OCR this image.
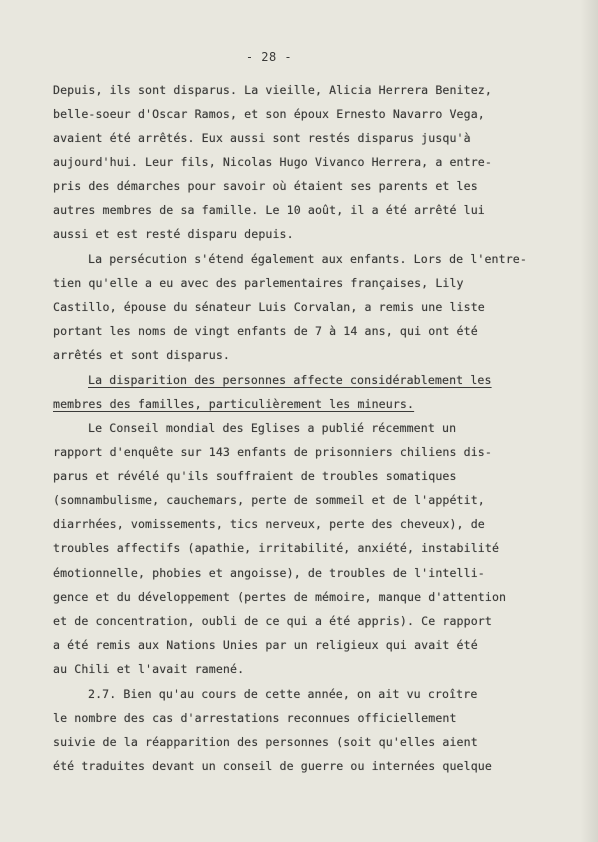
- 28 -
Depuis, ils sont disparus. La vieille, Alicia Herrera Benitez,
belle-soeur d'Oscar Ramos, et son époux Ernesto Navarro Vega,
avaient été arrêtés. Eux aussi sont restés disparus jusqu'à
aujourd'hui. Leur fils, Nicolas Hugo Vivanco Herrera, a entre-
pris des démarches pour savoir où étaient ses parents et les
autres membres de sa famille. Le 10 août, il a été arrêté lui
aussi et est resté disparu depuis.
La persécution s'étend également aux enfants. Lors de l'entre-
tien qu'elle a eu avec des parlementaires françaises, Lily
Castillo, épouse du sénateur Luis Corvalan, a remis une liste
portant les noms de vingt enfants de 7 à 14 ans, qui ont été
arrêtés et sont disparus.
La disparition des personnes affecte considérablement les
membres des familles, particulièrement les mineurs.
Le Conseil mondial des Eglises a publié récemment un
rapport d'enquête sur 143 enfants de prisonniers chiliens dis-
parus et révélé qu'ils souffraient de troubles somatiques
(somnambulisme, cauchemars, perte de sommeil et de l'appétit,
diarrhées, vomissements, tics nerveux, perte des cheveux), de
troubles affectifs (apathie, irritabilité, anxiété, instabilité
émotionnelle, phobies et angoisse), de troubles de l'intelli-
gence et du développement (pertes de mémoire, manque d'attention
et de concentration, oubli de ce qui a été appris). Ce rapport
a été remis aux Nations Unies par un religieux qui avait été
au Chili et l'avait ramené.
2.7. Bien qu'au cours de cette année, on ait vu croître
le nombre des cas d'arrestations reconnues officiellement
suivie de la réapparition des personnes (soit qu'elles aient
été traduites devant un conseil de guerre ou internées quelque
